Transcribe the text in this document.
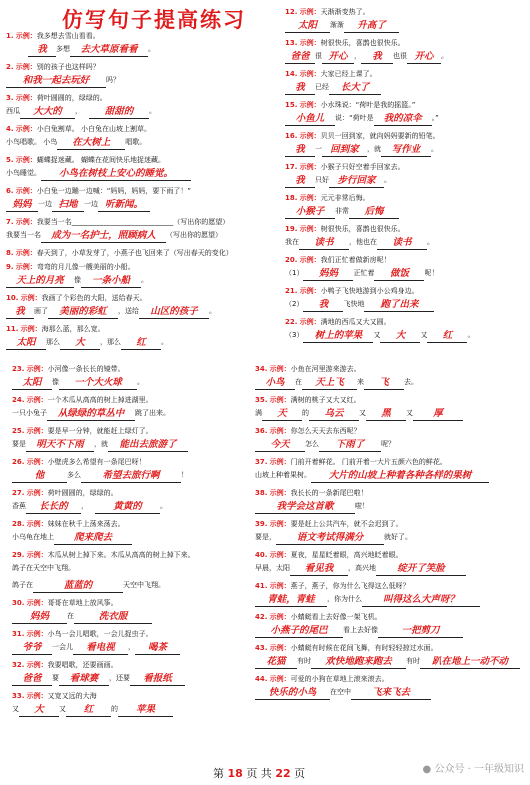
仿写句子提高练习
1. 示例：我多想去雪山看看。
我 多想 去大草原看看 。
2. 示例：别的孩子也这样吗？
和我一起去玩好 吗？
3. 示例：荷叶圆圆的，绿绿的。
西瓜 大大的 ， 甜甜的 。
4. 示例：小白兔割草。 小白兔在山坡上割草。
小鸟唱歌。 小鸟 在大树上 唱歌。
5. 示例：蝴蝶捉迷藏。 蝴蝶在花间快乐地捉迷藏。
小鸟睡觉。 小鸟在树枝上安心的睡觉。
6. 示例：小白兔一边蹦一边喊：“妈妈，妈妈，要下雨了！”
妈妈 一边 扫地 一边 听新闻。
7. 示例：我要当一名_____________________________（写出你的愿望）
我要当一名 成为一名护士，照顾病人 （写出你的愿望）
8. 示例：春天到了，小草发芽了，小燕子也飞回来了（写出春天的变化）
9. 示例：弯弯的月儿像一艘美丽的小船。
天上的月亮 像 一条小船 。
10. 示例：我画了个彩色的大阳，送给春天。
我 画了 美丽的彩虹 ，送给 山区的孩子 。
11. 示例：海那么蓝，那么宽。
太阳 那么 大 ，那么 红 。
12. 示例：天渐渐变热了。
太阳 渐渐 升高了
13. 示例：树很快乐，喜鹊也很快乐。
爸爸 很 开心 ， 我 也很 开心 。
14. 示例：大家已经上课了。
我 已经 长大了
15. 示例：小水珠说：“荷叶是我的摇篮。”
小鱼儿 说：“荷叶是 我的凉伞 。”
16. 示例：贝贝一回到家，就向妈妈要新的铅笔。
我 一 回到家 ，就 写作业 。
17. 示例：小猴子只好空着手回家去。
我 只好 步行回家 。
18. 示例：元元非常后悔。
小猴子 非常 后悔
19. 示例：树很快乐，喜鹊也很快乐。
我在 读书 ，他也在 读书 。
20. 示例：我们正忙着做新房呢！
（1） 妈妈 正忙着 做饭 呢！
21. 示例：小鸭子飞快地游到小公鸡身边。
（2） 我 飞快地 跑了出来
22. 示例：满地的西瓜又大又圆。
（3） 树上的苹果 又 大 又 红 。
23. 示例：小河像一条长长的镜带。
太阳 像 一个大火球 。
24. 示例：一个木瓜从高高的树上掉进湖里。
一只小兔子 从绿绿的草丛中 跳了出来。
25. 示例：要是早一分钟，就能赶上绿灯了。
要是 明天不下雨 ，就 能出去旅游了
26. 示例：小壁虎多么希望有一条尾巴呀！
他	多么 希望去旅行啊	！
27. 示例：荷叶圆圆的，绿绿的。
香蕉 长长的 ，	黄黄的	。
28. 示例：妹妹在秋千上荡来荡去。
小乌龟在地上 爬来爬去
29. 示例：木瓜从树上掉下来。木瓜从高高的树上掉下来。
鸽子在天空中飞翔。
鸽子在	蓝蓝的	天空中飞翔。
30. 示例：哥哥在草地上放风筝。
妈妈	在	洗衣服
31. 示例：小鸟一会儿唱歌，一会儿捉虫子。
爷爷 一会儿 看电视 ， 喝茶
32. 示例：我要唱歌，还要画画。
爸爸 要 看球赛 ，还要 看报纸
33. 示例：又宽又远的大海
又 大 又 红	的 苹果
34. 示例：小鱼在河里游来游去。
小鸟 在 天上飞 来 飞 去。
35. 示例：满树的桃子又大又红。
满 天 的 乌云 又 黑 又 厚
36. 示例：你怎么天天去东西呢？
今天 怎么 下雨了 呢？
37. 示例：门前开着鲜花。 门前开着一大片五颜六色的鲜花。
山坡上种着果树。 大片的山坡上种着各种各样的果树
38. 示例：我长长的一条新尾巴啦！
我学会这首歌	啦！
39. 示例：要是赶上公共汽车，就不会迟到了。
要是， 语文考试得满分	就好了。
40. 示例：夏夜，星星眨着眼，高兴地眨着眼。
早晨，太阳 看见我 ，高兴地 绽开了笑脸
41. 示例：燕子，燕子，你为什么飞得这么低呀？
青蛙，青蛙 ，你为什么 叫得这么大声呀？
42. 示例：小蜻蜓看上去好像一架飞机。
小燕子的尾巴 看上去好像 一把剪刀
43. 示例：小蜻蜓有时候在花间飞舞，有时轻轻掠过水面。
花猫 有时 欢快地跑来跑去 有时 趴在地上一动不动
44. 示例：可爱的小狗在草地上滚来滚去。
快乐的小鸟 在空中 飞来飞去
第 18 页 共 22 页	● 公众号 · 一年级知识
